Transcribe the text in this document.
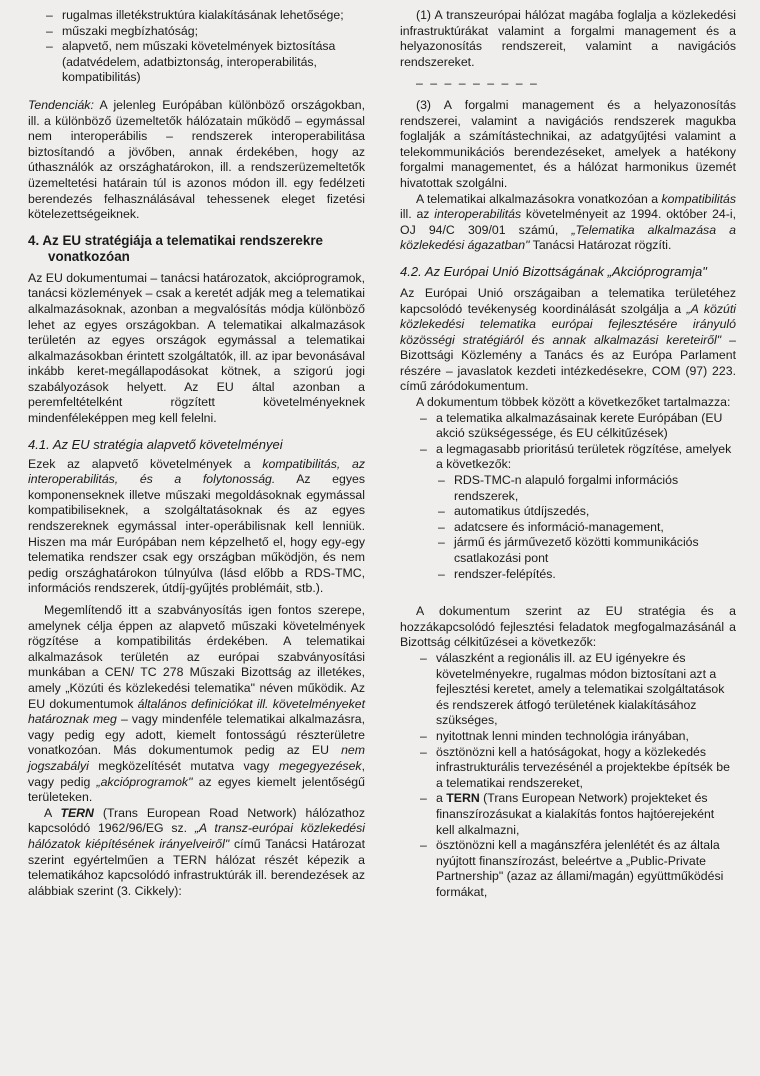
– rugalmas illetékstruktúra kialakításának lehetősége;
– műszaki megbízhatóság;
– alapvető, nem műszaki követelmények biztosítása (adatvédelem, adatbiztonság, interoperabilitás, kompatibilitás)

Tendenciák: A jelenleg Európában különböző országokban, ill. a különböző üzemeltetők hálózatain működő – egymással nem interoperábilis – rendszerek interoperabilitása biztosítandó a jövőben, annak érdekében, hogy az úthasználók az országhatárokon, ill. a rendszerüzemeltetők üzemeltetési határain túl is azonos módon ill. egy fedélzeti berendezés felhasználásával tehessenek eleget fizetési kötelezettségeiknek.

4. Az EU stratégiája a telematikai rendszerekre vonatkozóan

Az EU dokumentumai – tanácsi határozatok, akcióprogramok, tanácsi közlemények – csak a keretét adják meg a telematikai alkalmazásoknak, azonban a megvalósítás módja különböző lehet az egyes országokban. A telematikai alkalmazások területén az egyes országok egymással a telematikai alkalmazásokban érintett szolgáltatók, ill. az ipar bevonásával inkább keret-megállapodásokat kötnek, a szigorú jogi szabályozások helyett. Az EU által azonban a peremfeltételként rögzített követelményeknek mindenféleképpen meg kell felelni.

4.1. Az EU stratégia alapvető követelményei

Ezek az alapvető követelmények a kompatibilitás, az interoperabilitás, és a folytonosság. Az egyes komponenseknek illetve műszaki megoldásoknak egymással kompatibiliseknek, a szolgáltatásoknak és az egyes rendszereknek egymással inter-operábilisnak kell lenniük. Hiszen ma már Európában nem képzelhető el, hogy egy-egy telematika rendszer csak egy országban működjön, és nem pedig országhatárokon túlnyúlva (lásd előbb a RDS-TMC, információs rendszerek, útdíj-gyűjtés problémáit, stb.).

Megemlítendő itt a szabványosítás igen fontos szerepe, amelynek célja éppen az alapvető műszaki követelmények rögzítése a kompatibilitás érdekében. A telematikai alkalmazások területén az európai szabványosítási munkában a CEN/ TC 278 Műszaki Bizottság az illetékes, amely „Közúti és közlekedési telematika" néven működik. Az EU dokumentumok általános definiciókat ill. követelményeket határoznak meg – vagy mindenféle telematikai alkalmazásra, vagy pedig egy adott, kiemelt fontosságú részterületre vonatkozóan. Más dokumentumok pedig az EU nem jogszabályi megközelítését mutatva vagy megegyezések, vagy pedig „akcióprogramok" az egyes kiemelt jelentőségű területeken.

A TERN (Trans European Road Network) hálózathoz kapcsolódó 1962/96/EG sz. „A transz-európai közlekedési hálózatok kiépítésének irányelveiről" című Tanácsi Határozat szerint egyértelműen a TERN hálózat részét képezik a telematikához kapcsolódó infrastruktúrák ill. berendezések az alábbiak szerint (3. Cikkely):

(1) A transzeurópai hálózat magába foglalja a közlekedési infrastruktúrákat valamint a forgalmi management és a helyazonosítás rendszereit, valamint a navigációs rendszereket.

– – – – – – – – –

(3) A forgalmi management és a helyazonosítás rendszerei, valamint a navigációs rendszerek magukba foglalják a számítástechnikai, az adatgyűjtési valamint a telekommunikációs berendezéseket, amelyek a hatékony forgalmi managementet, és a hálózat harmonikus üzemét hivatottak szolgálni.

A telematikai alkalmazásokra vonatkozóan a kompatibilitás ill. az interoperabilitás követelményeit az 1994. október 24-i, OJ 94/C 309/01 számú, „Telematika alkalmazása a közlekedési ágazatban" Tanácsi Határozat rögzíti.

4.2. Az Európai Unió Bizottságának „Akcióprogramja"

Az Európai Unió országaiban a telematika területéhez kapcsolódó tevékenység koordinálását szolgálja a „A közúti közlekedési telematika európai fejlesztésére irányuló közösségi stratégiáról és annak alkalmazási kereteiről" – Bizottsági Közlemény a Tanács és az Európa Parlament részére – javaslatok kezdeti intézkedésekre, COM (97) 223. című záródokumentum.

A dokumentum többek között a következőket tartalmazza:

– a telematika alkalmazásainak kerete Európában (EU akció szükségessége, és EU célkitűzések)
– a legmagasabb prioritású területek rögzítése, amelyek a következők:
– RDS-TMC-n alapuló forgalmi információs rendszerek,
– automatikus útdíjszedés,
– adatcsere és információ-management,
– jármű és járművezető közötti kommunikációs csatlakozási pont
– rendszer-felépítés.

A dokumentum szerint az EU stratégia és a hozzákapcsolódó fejlesztési feladatok megfogalmazásánál a Bizottság célkitűzései a következők:

– válaszként a regionális ill. az EU igényekre és követelményekre, rugalmas módon biztosítani azt a fejlesztési keretet, amely a telematikai szolgáltatások és rendszerek átfogó területének kialakításához szükséges,
– nyitottnak lenni minden technológia irányában,
– ösztönözni kell a hatóságokat, hogy a közlekedés infrastrukturális tervezésénél a projektekbe építsék be a telematikai rendszereket,
– a TERN (Trans European Network) projekteket és finanszírozásukat a kialakítás fontos hajtóerejeként kell alkalmazni,
– ösztönözni kell a magánszféra jelenlétét és az általa nyújtott finanszírozást, beleértve a „Public-Private Partnership" (azaz az állami/magán) együttműködési formákat,
